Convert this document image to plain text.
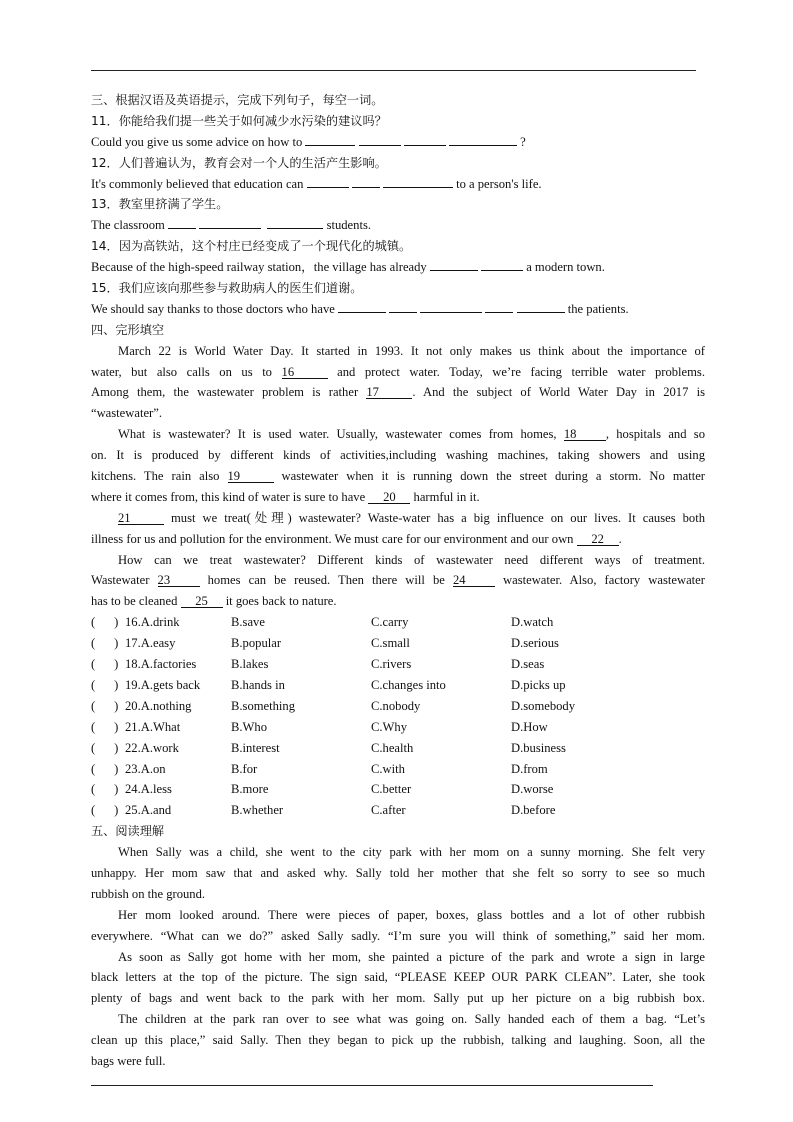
三、根据汉语及英语提示，完成下列句子，每空一词。
11．你能给我们提一些关于如何减少水污染的建议吗？
Could you give us some advice on how to	?
12．人们普遍认为，教育会对一个人的生活产生影响。
It's commonly believed that education can	to a person's life.
13．教室里挤满了学生。
The classroom	students.
14．因为高铁站，这个村庄已经变成了一个现代化的城镇。
Because of the high-speed railway station，the village has already	a modern town.
15．我们应该向那些参与救助病人的医生们道谢。
We should say thanks to those doctors who have	the patients.
四、完形填空
March 22 is World Water Day. It started in 1993. It not only makes us think about the importance of
water, but also calls on us to 16	and protect water. Today, we’re facing terrible water problems.
Among them, the wastewater problem is rather 17	. And the subject of World Water Day in 2017 is
“wastewater”.
What is wastewater? It is used water. Usually, wastewater comes from homes, 18 , hospitals and so
on. It is produced by different kinds of activities,including washing machines, taking showers and using
kitchens. The rain also 19	wastewater when it is running down the street during a storm. No matter
where it comes from, this kind of water is sure to have 20 harmful in it.
21	must we treat(处理) wastewater? Waste-water has a big influence on our lives. It causes both
illness for us and pollution for the environment. We must care for our environment and our own 22 .
How can we treat wastewater? Different kinds of wastewater need different ways of treatment.
Wastewater 23	homes can be reused. Then there will be 24	wastewater. Also, factory wastewater
has to be cleaned 25 it goes back to nature.
(      ) 16.A.drink	B.save	C.carry	D.watch
(      ) 17.A.easy	B.popular	C.small	D.serious
(      ) 18.A.factories	B.lakes	C.rivers	D.seas
(      ) 19.A.gets back	B.hands in	C.changes into	D.picks up
(      ) 20.A.nothing	B.something	C.nobody	D.somebody
(      ) 21.A.What	B.Who	C.Why	D.How
(      ) 22.A.work	B.interest	C.health	D.business
(      ) 23.A.on	B.for	C.with	D.from
(      ) 24.A.less	B.more	C.better	D.worse
(      ) 25.A.and	B.whether	C.after	D.before
五、阅读理解
When Sally was a child, she went to the city park with her mom on a sunny morning. She felt very
unhappy. Her mom saw that and asked why. Sally told her mother that she felt so sorry to see so much
rubbish on the ground.
Her mom looked around. There were pieces of paper, boxes, glass bottles and a lot of other rubbish
everywhere. “What can we do?” asked Sally sadly. “I’m sure you will think of something,” said her mom.
As soon as Sally got home with her mom, she painted a picture of the park and wrote a sign in large
black letters at the top of the picture. The sign said, “PLEASE KEEP OUR PARK CLEAN”. Later, she took
plenty of bags and went back to the park with her mom. Sally put up her picture on a big rubbish box.
The children at the park ran over to see what was going on. Sally handed each of them a bag. “Let’s
clean up this place,” said Sally. Then they began to pick up the rubbish, talking and laughing. Soon, all the
bags were full.
